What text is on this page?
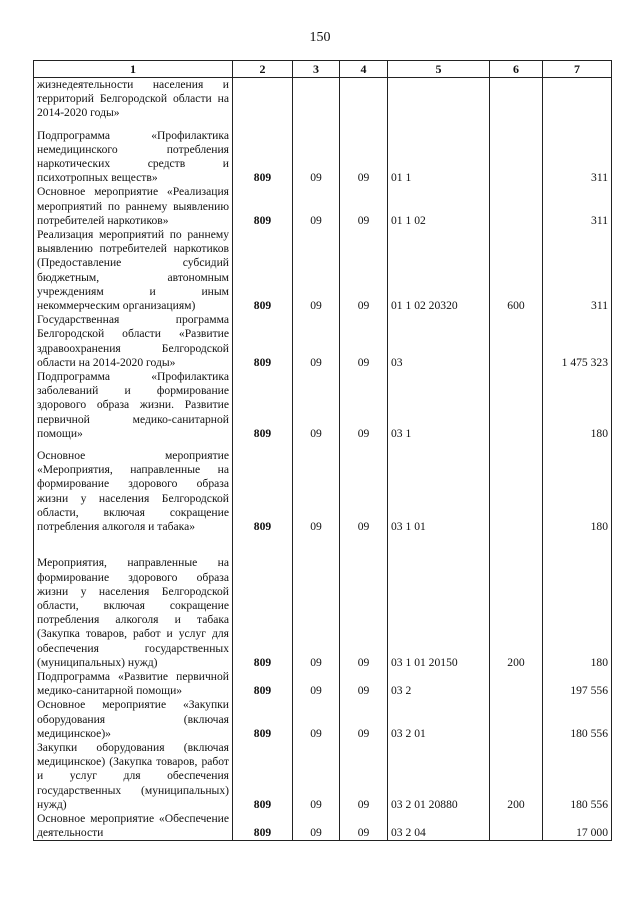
150
1	2	3	4	5	6	7
жизнедеятельности населения и территорий Белгородской области на 2014-2020 годы»						
Подпрограмма «Профилактика немедицинского потребления наркотических средств и психотропных веществ»	809	09	09	01 1		311
Основное мероприятие «Реализация мероприятий по раннему выявлению потребителей наркотиков»	809	09	09	01 1 02		311
Реализация мероприятий по раннему выявлению потребителей наркотиков (Предоставление субсидий бюджетным, автономным учреждениям и иным некоммерческим организациям)	809	09	09	01 1 02 20320	600	311
Государственная программа Белгородской области «Развитие здравоохранения Белгородской области на 2014-2020 годы»	809	09	09	03		1 475 323
Подпрограмма «Профилактика заболеваний и формирование здорового образа жизни. Развитие первичной медико-санитарной помощи»	809	09	09	03 1		180
Основное мероприятие «Мероприятия, направленные на формирование здорового образа жизни у населения Белгородской области, включая сокращение потребления алкоголя и табака»	809	09	09	03 1 01		180
Мероприятия, направленные на формирование здорового образа жизни у населения Белгородской области, включая сокращение потребления алкоголя и табака (Закупка товаров, работ и услуг для обеспечения государственных (муниципальных) нужд)	809	09	09	03 1 01 20150	200	180
Подпрограмма «Развитие первичной медико-санитарной помощи»	809	09	09	03 2		197 556
Основное мероприятие «Закупки оборудования (включая медицинское)»	809	09	09	03 2 01		180 556
Закупки оборудования (включая медицинское) (Закупка товаров, работ и услуг для обеспечения государственных (муниципальных) нужд)	809	09	09	03 2 01 20880	200	180 556
Основное мероприятие «Обеспечение деятельности	809	09	09	03 2 04		17 000
